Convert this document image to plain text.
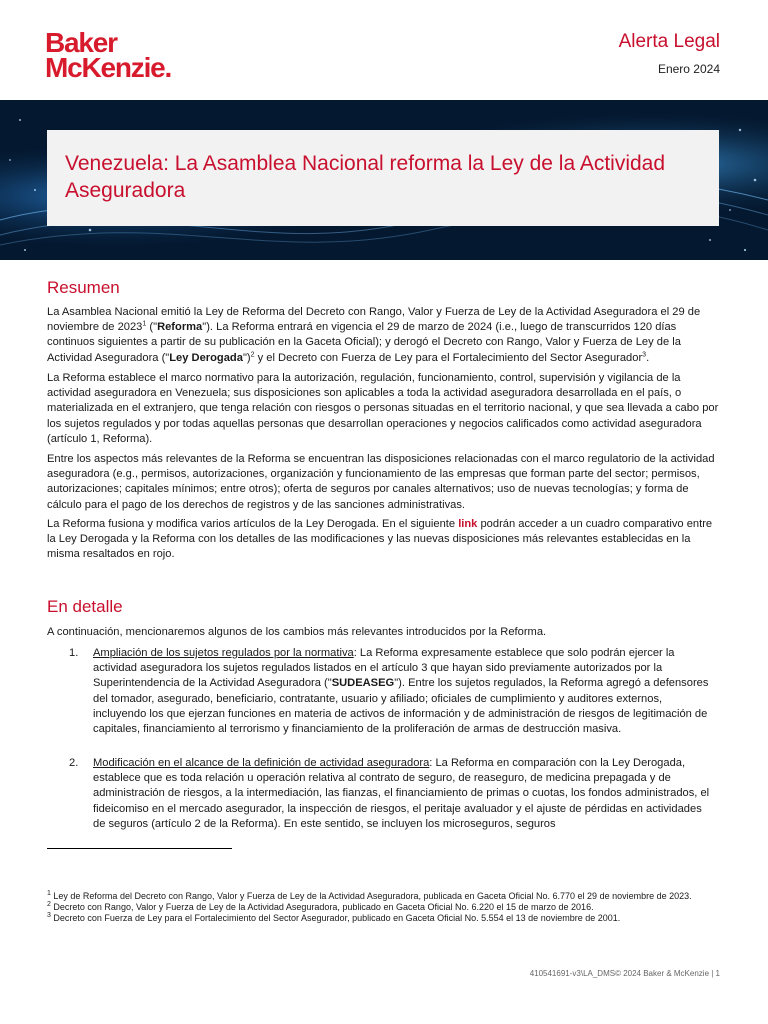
Baker
McKenzie.
Alerta Legal
Enero 2024
Venezuela: La Asamblea Nacional reforma la Ley de la Actividad Aseguradora
Resumen

La Asamblea Nacional emitió la Ley de Reforma del Decreto con Rango, Valor y Fuerza de Ley de la Actividad Aseguradora el 29 de noviembre de 2023$^1$ ("Reforma"). La Reforma entrará en vigencia el 29 de marzo de 2024 (i.e., luego de transcurridos 120 días continuos siguientes a partir de su publicación en la Gaceta Oficial); y derogó el Decreto con Rango, Valor y Fuerza de Ley de la Actividad Aseguradora ("Ley Derogada")$^2$ y el Decreto con Fuerza de Ley para el Fortalecimiento del Sector Asegurador$^3$.

La Reforma establece el marco normativo para la autorización, regulación, funcionamiento, control, supervisión y vigilancia de la actividad aseguradora en Venezuela; sus disposiciones son aplicables a toda la actividad aseguradora desarrollada en el país, o materializada en el extranjero, que tenga relación con riesgos o personas situadas en el territorio nacional, y que sea llevada a cabo por los sujetos regulados y por todas aquellas personas que desarrollan operaciones y negocios calificados como actividad aseguradora (artículo 1, Reforma).

Entre los aspectos más relevantes de la Reforma se encuentran las disposiciones relacionadas con el marco regulatorio de la actividad aseguradora (e.g., permisos, autorizaciones, organización y funcionamiento de las empresas que forman parte del sector; permisos, autorizaciones; capitales mínimos; entre otros); oferta de seguros por canales alternativos; uso de nuevas tecnologías; y forma de cálculo para el pago de los derechos de registros y de las sanciones administrativas.

La Reforma fusiona y modifica varios artículos de la Ley Derogada. En el siguiente link podrán acceder a un cuadro comparativo entre la Ley Derogada y la Reforma con los detalles de las modificaciones y las nuevas disposiciones más relevantes establecidas en la misma resaltados en rojo.

En detalle

A continuación, mencionaremos algunos de los cambios más relevantes introducidos por la Reforma.

1. Ampliación de los sujetos regulados por la normativa: La Reforma expresamente establece que solo podrán ejercer la actividad aseguradora los sujetos regulados listados en el artículo 3 que hayan sido previamente autorizados por la Superintendencia de la Actividad Aseguradora ("SUDEASEG"). Entre los sujetos regulados, la Reforma agregó a defensores del tomador, asegurado, beneficiario, contratante, usuario y afiliado; oficiales de cumplimiento y auditores externos, incluyendo los que ejerzan funciones en materia de activos de información y de administración de riesgos de legitimación de capitales, financiamiento al terrorismo y financiamiento de la proliferación de armas de destrucción masiva.
2. Modificación en el alcance de la definición de actividad aseguradora: La Reforma en comparación con la Ley Derogada, establece que es toda relación u operación relativa al contrato de seguro, de reaseguro, de medicina prepagada y de administración de riesgos, a la intermediación, las fianzas, el financiamiento de primas o cuotas, los fondos administrados, el fideicomiso en el mercado asegurador, la inspección de riesgos, el peritaje avaluador y el ajuste de pérdidas en actividades de seguros (artículo 2 de la Reforma). En este sentido, se incluyen los microseguros, seguros
$^1$ Ley de Reforma del Decreto con Rango, Valor y Fuerza de Ley de la Actividad Aseguradora, publicada en Gaceta Oficial No. 6.770 el 29 de noviembre de 2023.
$^2$ Decreto con Rango, Valor y Fuerza de Ley de la Actividad Aseguradora, publicado en Gaceta Oficial No. 6.220 el 15 de marzo de 2016.
$^3$ Decreto con Fuerza de Ley para el Fortalecimiento del Sector Asegurador, publicado en Gaceta Oficial No. 5.554 el 13 de noviembre de 2001.
410541691-v3\LA_DMS© 2024 Baker & McKenzie | 1
